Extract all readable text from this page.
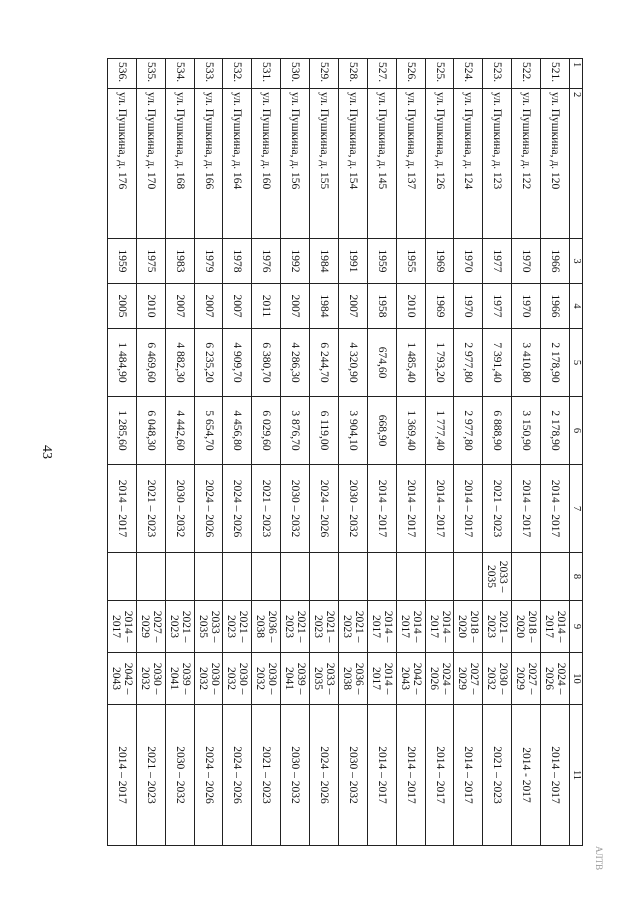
43
1	2	3	4	5	6	7	8	9	10	11
521.	ул. Пушкина, д. 120	1966	1966	2 178,90	2 178,90	2014 – 2017		2014 –
2017	2024 –
2026	2014 – 2017
522.	ул. Пушкина, д. 122	1970	1970	3 410,80	3 150,90	2014 – 2017		2018 –
2020	2027 –
2029	2014 - 2017
523.	ул. Пушкина, д. 123	1977	1977	7 391,40	6 888,90	2021 – 2023	2033 –
2035	2021 –
2023	2030 –
2032	2021 – 2023
524.	ул. Пушкина, д. 124	1970	1970	2 977,80	2 977,80	2014 – 2017		2018 –
2020	2027 –
2029	2014 – 2017
525.	ул. Пушкина, д. 126	1969	1969	1 793,20	1 777,40	2014 – 2017		2014 –
2017	2024 –
2026	2014 – 2017
526.	ул. Пушкина, д. 137	1955	2010	1 485,40	1 369,40	2014 – 2017		2014 –
2017	2042 –
2043	2014 – 2017
527.	ул. Пушкина, д. 145	1959	1958	674,60	668,90	2014 – 2017		2014 –
2017	2014 –
2017	2014 – 2017
528.	ул. Пушкина, д. 154	1991	2007	4 320,90	3 904,10	2030 – 2032		2021 –
2023	2036 –
2038	2030 – 2032
529.	ул. Пушкина, д. 155	1984	1984	6 244,70	6 119,00	2024 – 2026		2021 –
2023	2033 –
2035	2024 – 2026
530.	ул. Пушкина, д. 156	1992	2007	4 286,30	3 876,70	2030 – 2032		2021 –
2023	2039 –
2041	2030 – 2032
531.	ул. Пушкина, д. 160	1976	2011	6 380,70	6 029,60	2021 – 2023		2036 –
2038	2030 –
2032	2021 – 2023
532.	ул. Пушкина, д. 164	1978	2007	4 909,70	4 456,80	2024 – 2026		2021 –
2023	2030 –
2032	2024 – 2026
533.	ул. Пушкина, д. 166	1979	2007	6 235,20	5 654,70	2024 – 2026		2033 –
2035	2030 –
2032	2024 – 2026
534.	ул. Пушкина, д. 168	1983	2007	4 882,30	4 442,60	2030 – 2032		2021 –
2023	2039 –
2041	2030 – 2032
535.	ул. Пушкина, д. 170	1975	2010	6 469,60	6 048,30	2021 – 2023		2027 –
2029	2030 –
2032	2021 – 2023
536.	ул. Пушкина, д. 176	1959	2005	1 484,90	1 285,60	2014 – 2017		2014 –
2017	2042 –
2043	2014 – 2017
АЛТВ
